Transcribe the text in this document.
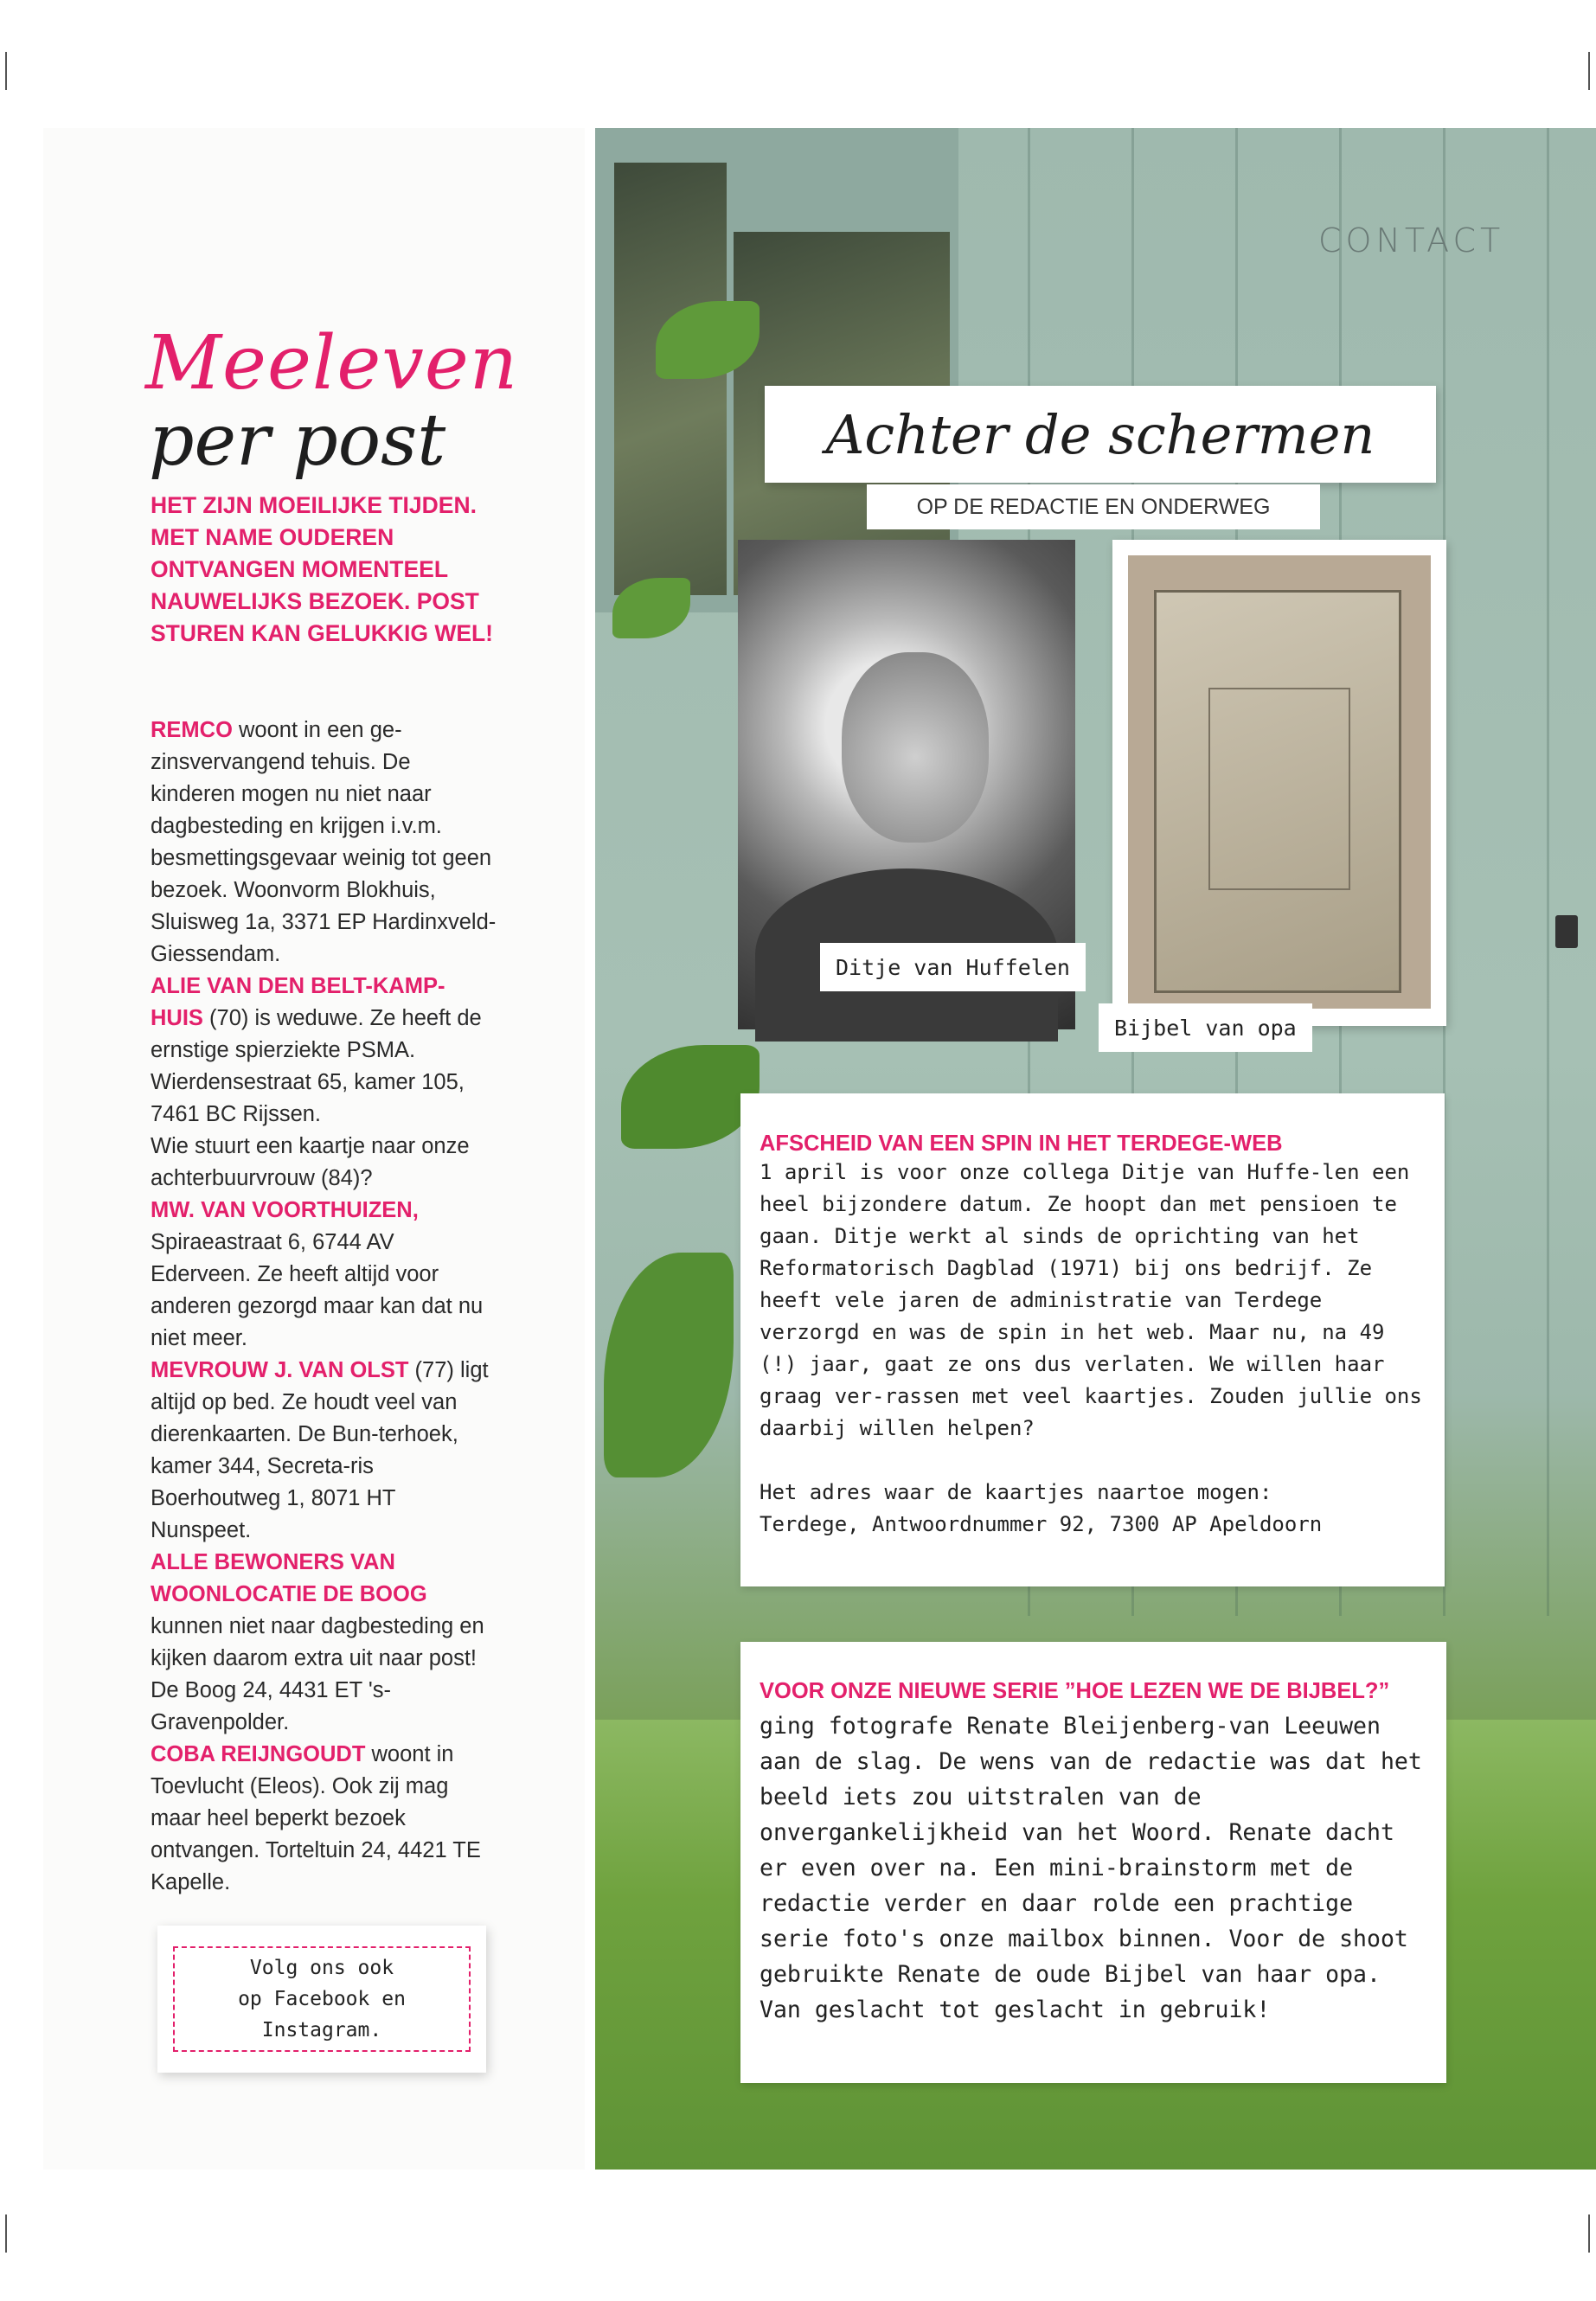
Meeleven
per post
HET ZIJN MOEILIJKE TIJDEN. MET NAME OUDEREN ONTVANGEN MOMENTEEL NAUWELIJKS BEZOEK. POST STUREN KAN GELUKKIG WEL!

REMCO woont in een ge-zinsvervangend tehuis. De kinderen mogen nu niet naar dagbesteding en krijgen i.v.m. besmettingsgevaar weinig tot geen bezoek. Woonvorm Blokhuis, Sluisweg 1a, 3371 EP Hardinxveld-Giessendam.

ALIE VAN DEN BELT-KAMP-HUIS (70) is weduwe. Ze heeft de ernstige spierziekte PSMA. Wierdensestraat 65, kamer 105, 7461 BC Rijssen.

Wie stuurt een kaartje naar onze achterbuurvrouw (84)?

MW. VAN VOORTHUIZEN, Spiraeastraat 6, 6744 AV Ederveen. Ze heeft altijd voor anderen gezorgd maar kan dat nu niet meer.

MEVROUW J. VAN OLST (77) ligt altijd op bed. Ze houdt veel van dierenkaarten. De Bun-terhoek, kamer 344, Secreta-ris Boerhoutweg 1, 8071 HT Nunspeet.

ALLE BEWONERS VAN WOONLOCATIE DE BOOG kunnen niet naar dagbesteding en kijken daarom extra uit naar post! De Boog 24, 4431 ET 's-Gravenpolder.

COBA REIJNGOUDT woont in Toevlucht (Eleos). Ook zij mag maar heel beperkt bezoek ontvangen. Torteltuin 24, 4421 TE Kapelle.

Volg ons ook
op Facebook en
Instagram.
CONTACT
Achter de schermen
OP DE REDACTIE EN ONDERWEG
Ditje van Huffelen
Bijbel van opa
AFSCHEID VAN EEN SPIN IN HET TERDEGE-WEB

1 april is voor onze collega Ditje van Huffe-len een heel bijzondere datum. Ze hoopt dan met pensioen te gaan. Ditje werkt al sinds de oprichting van het Reformatorisch Dagblad (1971) bij ons bedrijf. Ze heeft vele jaren de administratie van Terdege verzorgd en was de spin in het web. Maar nu, na 49 (!) jaar, gaat ze ons dus verlaten. We willen haar graag ver-rassen met veel kaartjes. Zouden jullie ons daarbij willen helpen?

Het adres waar de kaartjes naartoe mogen:

Terdege, Antwoordnummer 92, 7300 AP Apeldoorn

VOOR ONZE NIEUWE SERIE ”HOE LEZEN WE DE BIJBEL?” ging fotografe Renate Bleijenberg-van Leeuwen aan de slag. De wens van de redactie was dat het beeld iets zou uitstralen van de onvergankelijkheid van het Woord. Renate dacht er even over na. Een mini-brainstorm met de redactie verder en daar rolde een prachtige serie foto's onze mailbox binnen. Voor de shoot gebruikte Renate de oude Bijbel van haar opa. Van geslacht tot geslacht in gebruik!
